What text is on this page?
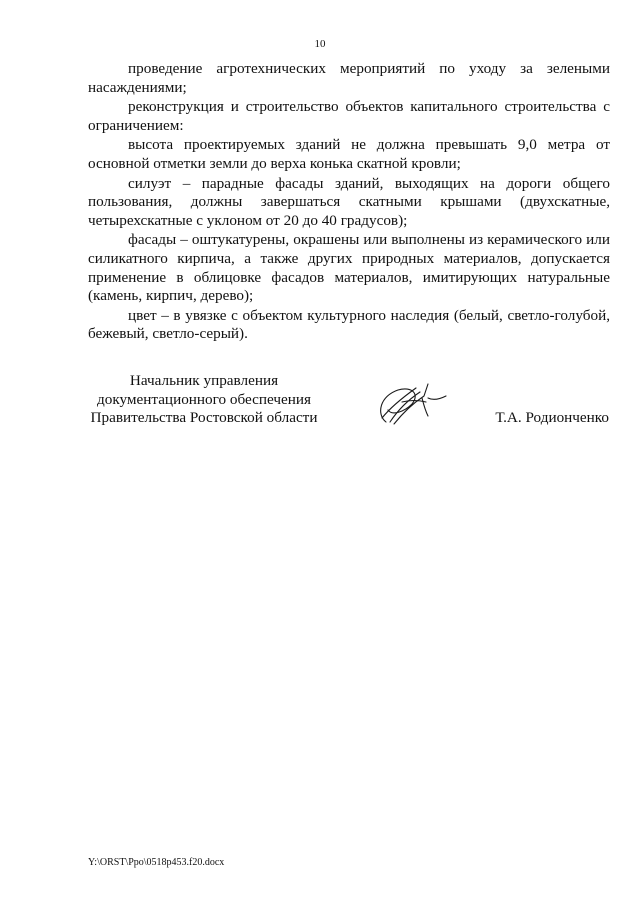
10

проведение агротехнических мероприятий по уходу за зелеными насаждениями;

реконструкция и строительство объектов капитального строительства с ограничением:

высота проектируемых зданий не должна превышать 9,0 метра от основной отметки земли до верха конька скатной кровли;

силуэт – парадные фасады зданий, выходящих на дороги общего пользования, должны завершаться скатными крышами (двухскатные, четырехскатные с уклоном от 20 до 40 градусов);

фасады – оштукатурены, окрашены или выполнены из керамического или силикатного кирпича, а также других природных материалов, допускается применение в облицовке фасадов материалов, имитирующих натуральные (камень, кирпич, дерево);

цвет – в увязке с объектом культурного наследия (белый, светло-голубой, бежевый, светло-серый).

Начальник управления
документационного обеспечения
Правительства Ростовской области	Т.А. Родионченко
Y:\ORST\Ppo\0518p453.f20.docx
